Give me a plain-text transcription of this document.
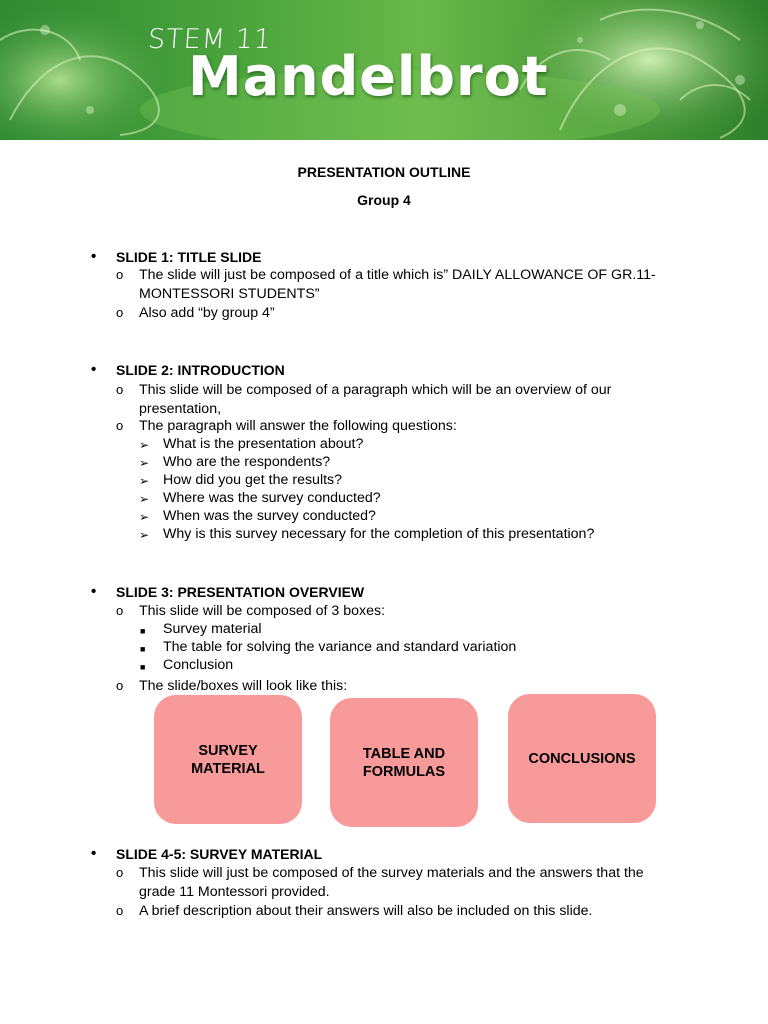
STEM 11
Mandelbrot
PRESENTATION OUTLINE
Group 4
• SLIDE 1: TITLE SLIDE
o The slide will just be composed of a title which is” DAILY ALLOWANCE OF GR.11-MONTESSORI STUDENTS”
o Also add “by group 4”
• SLIDE 2: INTRODUCTION
o This slide will be composed of a paragraph which will be an overview of our presentation,
o The paragraph will answer the following questions:
➢ What is the presentation about?
➢ Who are the respondents?
➢ How did you get the results?
➢ Where was the survey conducted?
➢ When was the survey conducted?
➢ Why is this survey necessary for the completion of this presentation?
• SLIDE 3: PRESENTATION OVERVIEW
o This slide will be composed of 3 boxes:
■ Survey material
■ The table for solving the variance and standard variation
■ Conclusion
o The slide/boxes will look like this:
SURVEY MATERIAL
TABLE AND FORMULAS
CONCLUSIONS
• SLIDE 4-5: SURVEY MATERIAL
o This slide will just be composed of the survey materials and the answers that the grade 11 Montessori provided.
o A brief description about their answers will also be included on this slide.
